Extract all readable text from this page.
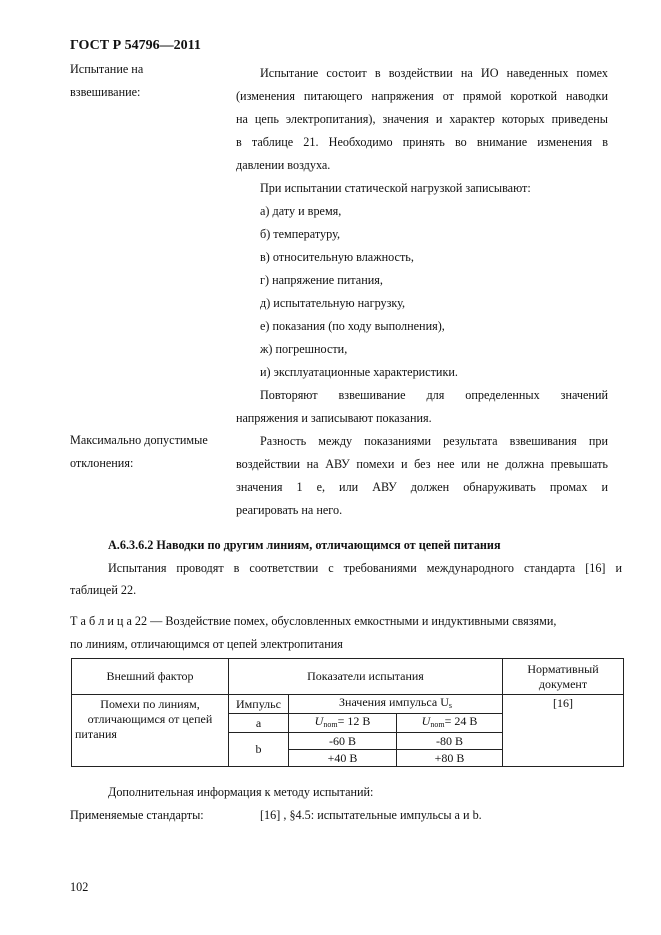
ГОСТ Р 54796—2011
Испытание на
взвешивание:
Испытание состоит в воздействии на ИО наведенных помех
(изменения питающего напряжения от прямой короткой наводки
на цепь электропитания), значения и характер которых приведены
в таблице 21. Необходимо принять во внимание изменения в
давлении воздуха.
При испытании статической нагрузкой записывают:
а) дату и время,
б) температуру,
в) относительную влажность,
г) напряжение питания,
д) испытательную нагрузку,
е) показания (по ходу выполнения),
ж) погрешности,
и) эксплуатационные характеристики.
Повторяют взвешивание для определенных значений
напряжения и записывают показания.
Максимально допустимые
отклонения:
Разность между показаниями результата взвешивания при
воздействии на АВУ помехи и без нее или не должна превышать
значения 1 e, или АВУ должен обнаруживать промах и
реагировать на него.
А.6.3.6.2 Наводки по другим линиям, отличающимся от цепей питания
Испытания проводят в соответствии с требованиями международного стандарта [16] и
таблицей 22.
Т а б л и ц а 22 — Воздействие помех, обусловленных емкостными и индуктивными связями,
по линиям, отличающимся от цепей электропитания
Внешний фактор	Показатели испытания			Нормативный
документ

Помехи по линиям,
отличающимся от цепей
питания	Импульс	Значения импульса $U_s$		[16]
	a	$U_{nom}= 12$ В	$U_{nom}= 24$ В	
	b	-60 В	-80 В	
		+40 В	+80 В	
Дополнительная информация к методу испытаний:
Применяемые стандарты:	[16] , §4.5: испытательные импульсы a и b.
102
